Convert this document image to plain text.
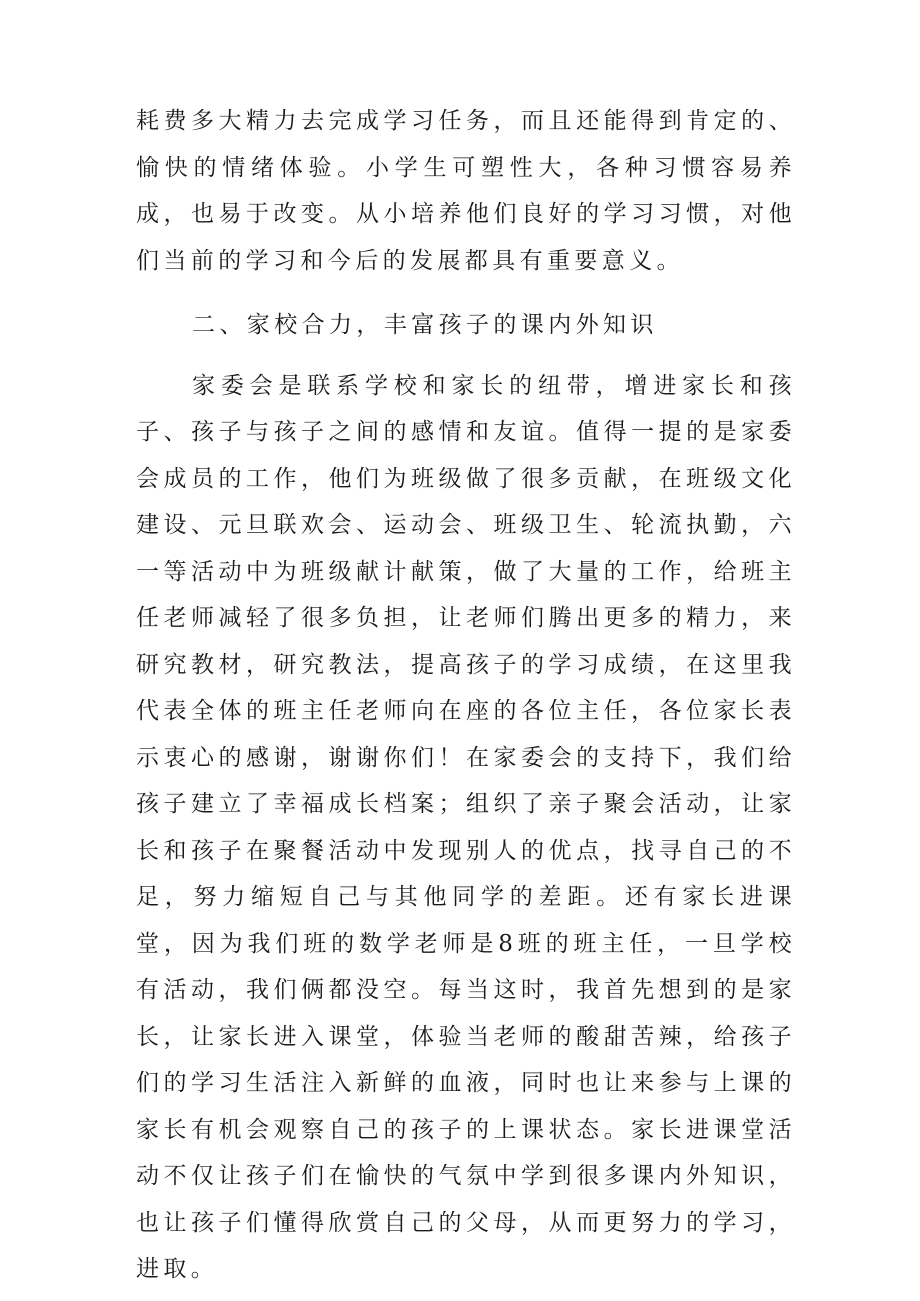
耗费多大精力去完成学习任务，而且还能得到肯定的、愉快的情绪体验。小学生可塑性大，各种习惯容易养成，也易于改变。从小培养他们良好的学习习惯，对他们当前的学习和今后的发展都具有重要意义。

二、家校合力，丰富孩子的课内外知识

家委会是联系学校和家长的纽带，增进家长和孩子、孩子与孩子之间的感情和友谊。值得一提的是家委会成员的工作，他们为班级做了很多贡献，在班级文化建设、元旦联欢会、运动会、班级卫生、轮流执勤，六一等活动中为班级献计献策，做了大量的工作，给班主任老师减轻了很多负担，让老师们腾出更多的精力，来研究教材，研究教法，提高孩子的学习成绩，在这里我代表全体的班主任老师向在座的各位主任，各位家长表示衷心的感谢，谢谢你们！在家委会的支持下，我们给孩子建立了幸福成长档案；组织了亲子聚会活动，让家长和孩子在聚餐活动中发现别人的优点，找寻自己的不足，努力缩短自己与其他同学的差距。还有家长进课堂，因为我们班的数学老师是8班的班主任，一旦学校有活动，我们俩都没空。每当这时，我首先想到的是家长，让家长进入课堂，体验当老师的酸甜苦辣，给孩子们的学习生活注入新鲜的血液，同时也让来参与上课的家长有机会观察自己的孩子的上课状态。家长进课堂活动不仅让孩子们在愉快的气氛中学到很多课内外知识，也让孩子们懂得欣赏自己的父母，从而更努力的学习，进取。
